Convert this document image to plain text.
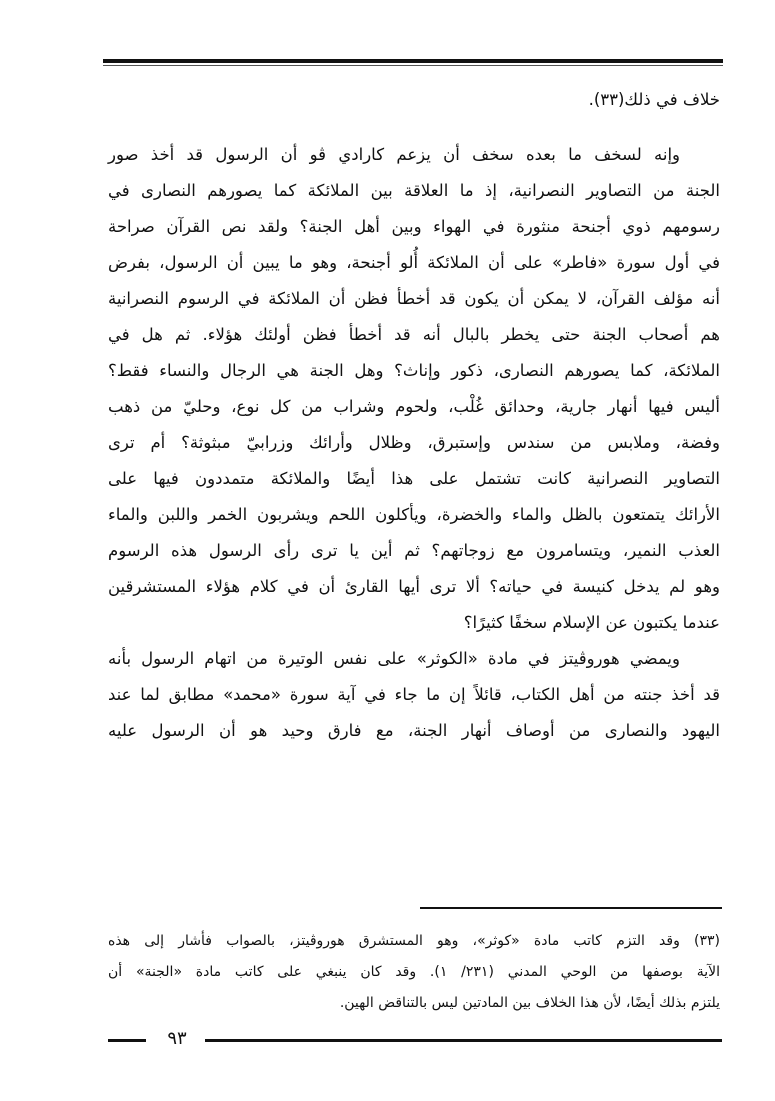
خلاف في ذلك(٣٣).
وإنه لسخف ما بعده سخف أن يزعم كارادي ڤو أن الرسول قد أخذ صور
الجنة من التصاوير النصرانية، إذ ما العلاقة بين الملائكة كما يصورهم النصارى في
رسومهم ذوي أجنحة منثورة في الهواء وبين أهل الجنة؟ ولقد نص القرآن صراحة
في أول سورة «فاطر» على أن الملائكة أُلو أجنحة، وهو ما يبين أن الرسول، بفرض
أنه مؤلف القرآن، لا يمكن أن يكون قد أخطأ فظن أن الملائكة في الرسوم النصرانية
هم أصحاب الجنة حتى يخطر بالبال أنه قد أخطأ فظن أولئك هؤلاء. ثم هل في
الملائكة، كما يصورهم النصارى، ذكور وإناث؟ وهل الجنة هي الرجال والنساء فقط؟
أليس فيها أنهار جارية، وحدائق غُلْب، ولحوم وشراب من كل نوع، وحليّ من ذهب
وفضة، وملابس من سندس وإستبرق، وظلال وأرائك وزرابيّ مبثوثة؟ أم ترى
التصاوير النصرانية كانت تشتمل على هذا أيضًا والملائكة متمددون فيها على
الأرائك يتمتعون بالظل والماء والخضرة، ويأكلون اللحم ويشربون الخمر واللبن والماء
العذب النمير، ويتسامرون مع زوجاتهم؟ ثم أين يا ترى رأى الرسول هذه الرسوم
وهو لم يدخل كنيسة في حياته؟ ألا ترى أيها القارئ أن في كلام هؤلاء المستشرقين
عندما يكتبون عن الإسلام سخفًا كثيرًا؟
ويمضي هوروڤيتز في مادة «الكوثر» على نفس الوتيرة من اتهام الرسول بأنه
قد أخذ جنته من أهل الكتاب، قائلاً إن ما جاء في آية سورة «محمد» مطابق لما عند
اليهود والنصارى من أوصاف أنهار الجنة، مع فارق وحيد هو أن الرسول عليه
(٣٣) وقد التزم كاتب مادة «كوثر»، وهو المستشرق هوروڤيتز، بالصواب فأشار إلى هذه
الآية بوصفها من الوحي المدني (٢٣١/ ١). وقد كان ينبغي على كاتب مادة «الجنة» أن
يلتزم بذلك أيضًا، لأن هذا الخلاف بين المادتين ليس بالتناقض الهين.
٩٣
